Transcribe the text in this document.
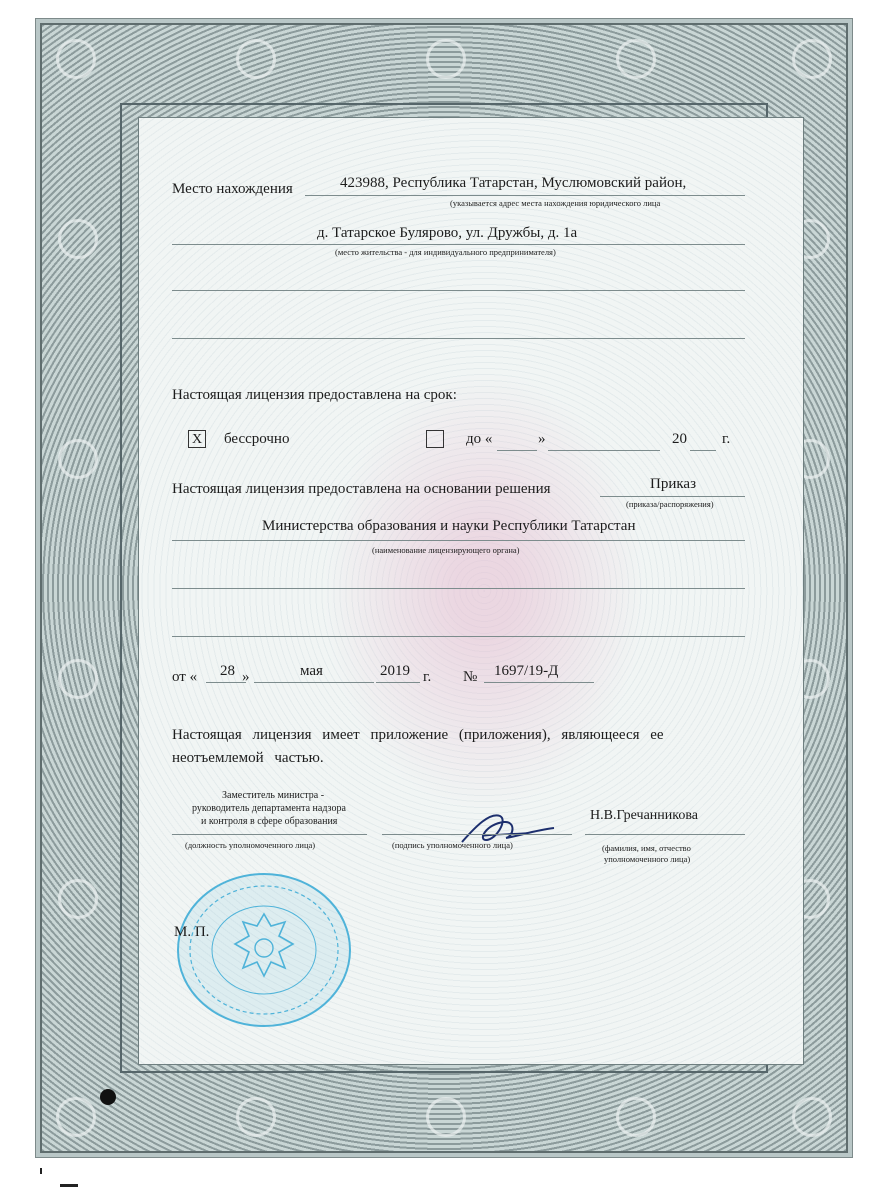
Место нахождения	423988, Республика Татарстан, Муслюмовский район,
(указывается адрес места нахождения юридического лица
д. Татарское Булярово, ул. Дружбы, д. 1а
(место жительства - для индивидуального предпринимателя)
Настоящая лицензия предоставлена на срок:
X бессрочно	до «	»	20 г.
Настоящая лицензия предоставлена на основании решения	Приказ
(приказа/распоряжения)
Министерства образования и науки Республики Татарстан
(наименование лицензирующего органа)
от « 28 »	мая	2019 г. № 1697/19-Д
Настоящая лицензия имеет приложение (приложения), являющееся ее
неотъемлемой частью.
Заместитель министра -
руководитель департамента надзора
и контроля в сфере образования	Н.В.Гречанникова
(должность уполномоченного лица)	(подпись уполномоченного лица)	(фамилия, имя, отчество
уполномоченного лица)
М. П.
